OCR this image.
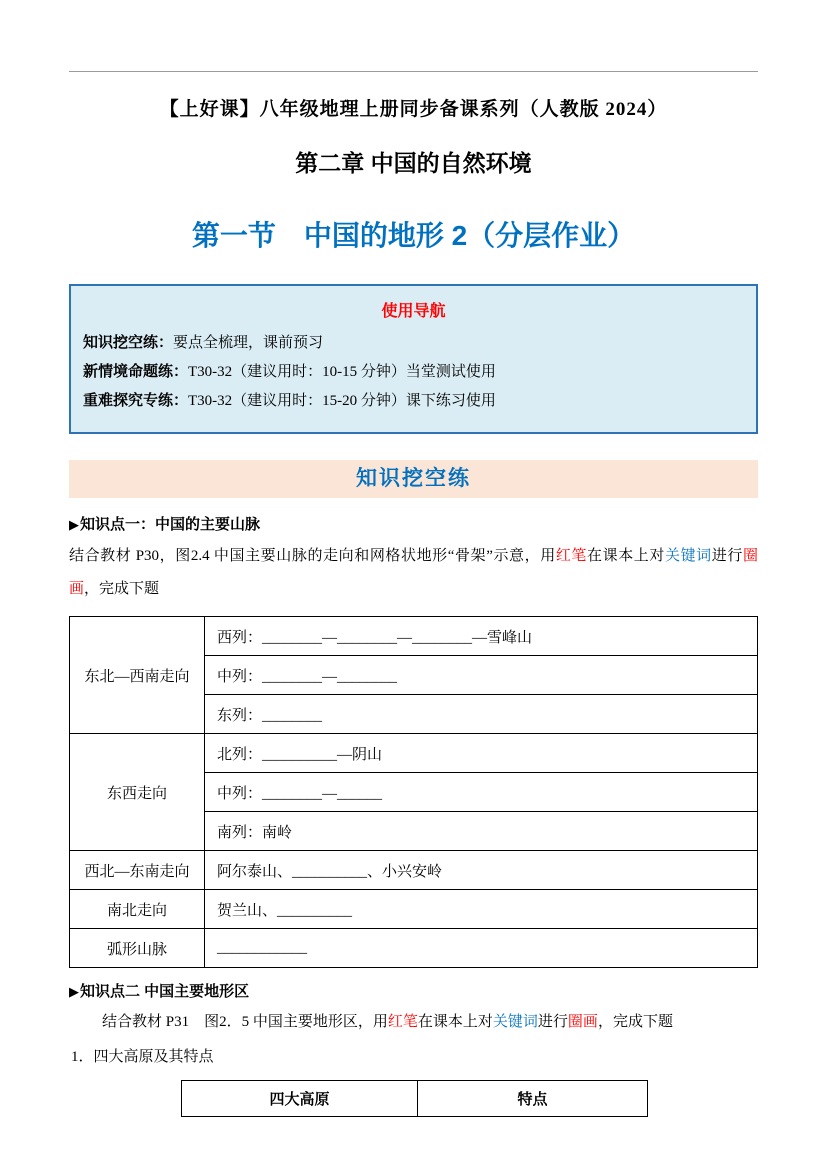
【上好课】八年级地理上册同步备课系列（人教版 2024）
第二章 中国的自然环境
第一节　中国的地形 2（分层作业）
使用导航
知识挖空练：要点全梳理，课前预习
新情境命题练：T30-32（建议用时：10-15 分钟）当堂测试使用
重难探究专练：T30-32（建议用时：15-20 分钟）课下练习使用
知识挖空练
▶知识点一：中国的主要山脉

结合教材 P30，图2.4 中国主要山脉的走向和网格状地形“骨架”示意，用红笔在课本上对关键词进行圈画，完成下题

东北—西南走向	西列：________—________—________—雪峰山
	中列：________—________
	东列：________
东西走向	北列：__________—阴山
	中列：________—______
	南列：南岭
西北—东南走向	阿尔泰山、__________、小兴安岭
南北走向	贺兰山、__________
弧形山脉	____________
▶知识点二 中国主要地形区

结合教材 P31　图2．5 中国主要地形区，用红笔在课本上对关键词进行圈画，完成下题

1．四大高原及其特点
四大高原	特点
